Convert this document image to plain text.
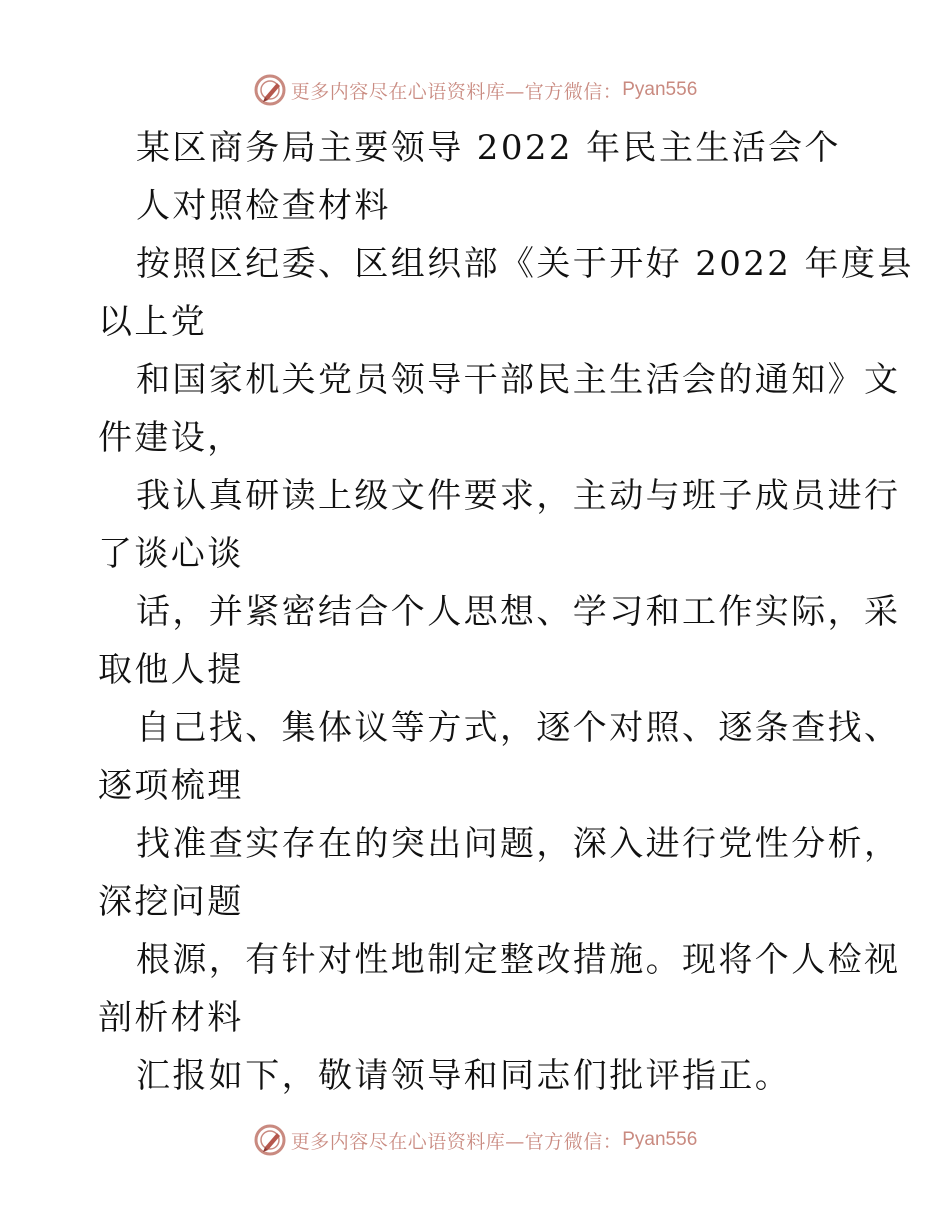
更多内容尽在心语资料库—官方微信： Pyan556
某区商务局主要领导 2022 年民主生活会个
人对照检查材料
按照区纪委、区组织部《关于开好 2022 年度县
以上党
和国家机关党员领导干部民主生活会的通知》文
件建设，
我认真研读上级文件要求，主动与班子成员进行
了谈心谈
话，并紧密结合个人思想、学习和工作实际，采
取他人提
自己找、集体议等方式，逐个对照、逐条查找、
逐项梳理
找准查实存在的突出问题，深入进行党性分析，
深挖问题
根源，有针对性地制定整改措施。现将个人检视
剖析材料
汇报如下，敬请领导和同志们批评指正。
更多内容尽在心语资料库—官方微信： Pyan556
